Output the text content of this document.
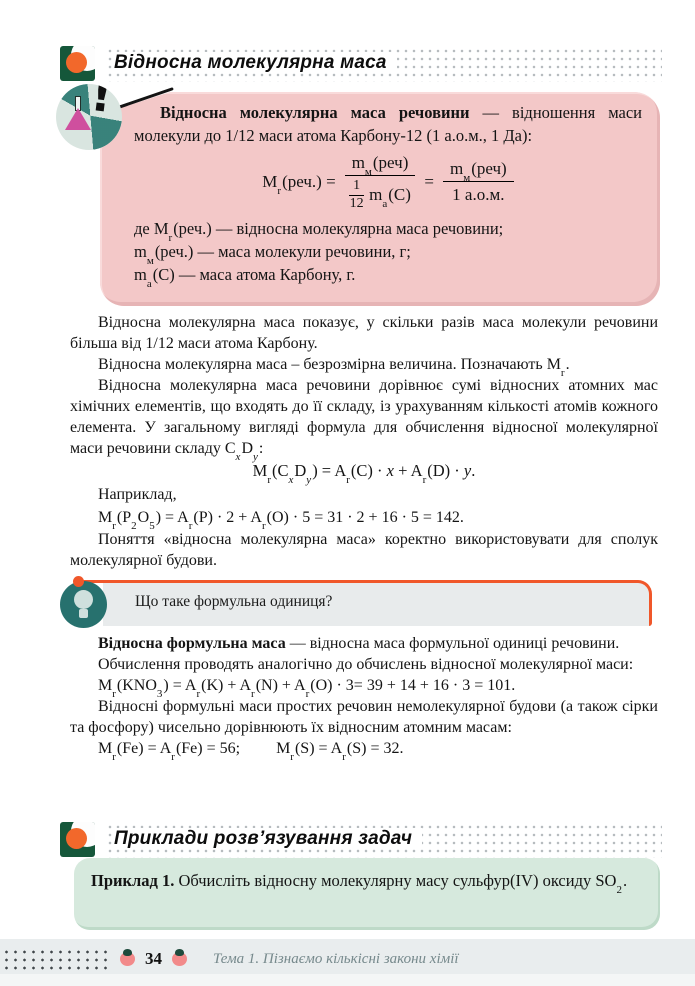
Відносна молекулярна маса
!

Відносна молекулярна маса речовини — відношення маси молекули до 1/12 маси атома Карбону-12 (1 а.о.м., 1 Да):

$M_r(реч.) = \frac{m_м(реч)}{\frac{1}{12} m_а(C)} = \frac{m_м(реч)}{1 а.о.м.}$
де $M_r(реч.)$ — відносна молекулярна маса речовини;
$m_м(реч.)$ — маса молекули речовини, г;
$m_а(C)$ — маса атома Карбону, г.

Відносна молекулярна маса показує, у скільки разів маса молекули речовини більша від 1/12 маси атома Карбону.

Відносна молекулярна маса – безрозмірна величина. Позначають $M_r$.

Відносна молекулярна маса речовини дорівнює сумі відносних атомних мас хімічних елементів, що входять до її складу, із урахуванням кількості атомів кожного елемента. У загальному вигляді формула для обчислення відносної молекулярної маси речовини складу $C_xD_y$:

$M_r(C_xD_y) = A_r(C) \cdot x + A_r(D) \cdot y$.

Наприклад,

$M_r(P_2O_5) = A_r(P) \cdot 2 + A_r(O) \cdot 5 = 31 \cdot 2 + 16 \cdot 5 = 142$.

Поняття «відносна молекулярна маса» коректно використовувати для сполук молекулярної будови.

Що таке формульна одиниця?

Відносна формульна маса — відносна маса формульної одиниці речовини.

Обчислення проводять аналогічно до обчислень відносної молекулярної маси:

$M_r(KNO_3) = A_r(K) + A_r(N) + A_r(O) \cdot 3= 39 + 14 + 16 \cdot 3 = 101$.

Відносні формульні маси простих речовин немолекулярної будови (а також сірки та фосфору) чисельно дорівнюють їх відносним атомним масам:

$M_r(Fe) = A_r(Fe) = 56$; $M_r(S) = A_r(S) = 32$.

Приклади розв’язування задач
Приклад 1. Обчисліть відносну молекулярну масу сульфур(IV) оксиду $SO_2$.
34	Тема 1. Пізнаємо кількісні закони хімії
